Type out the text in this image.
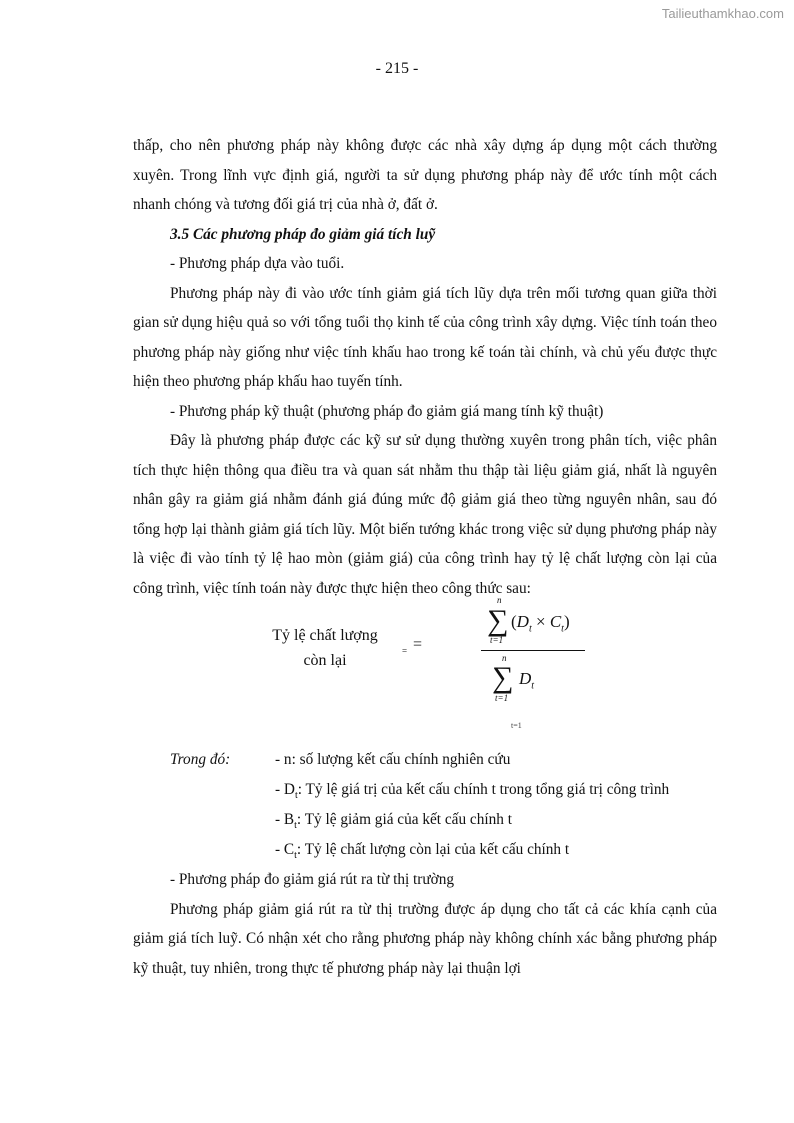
Tailieuthamkhao.com
- 215 -

thấp, cho nên phương pháp này không được các nhà xây dựng áp dụng một cách thường xuyên. Trong lĩnh vực định giá, người ta sử dụng phương pháp này để ước tính một cách nhanh chóng và tương đối giá trị của nhà ở, đất ở.

3.5 Các phương pháp đo giảm giá tích luỹ

- Phương pháp dựa vào tuổi.

Phương pháp này đi vào ước tính giảm giá tích lũy dựa trên mối tương quan giữa thời gian sử dụng hiệu quả so với tổng tuổi thọ kinh tế của công trình xây dựng. Việc tính toán theo phương pháp này giống như việc tính khấu hao trong kế toán tài chính, và chủ yếu được thực hiện theo phương pháp khấu hao tuyến tính.

- Phương pháp kỹ thuật (phương pháp đo giảm giá mang tính kỹ thuật)

Đây là phương pháp được các kỹ sư sử dụng thường xuyên trong phân tích, việc phân tích thực hiện thông qua điều tra và quan sát nhằm thu thập tài liệu giảm giá, nhất là nguyên nhân gây ra giảm giá nhằm đánh giá đúng mức độ giảm giá theo từng nguyên nhân, sau đó tổng hợp lại thành giảm giá tích lũy. Một biến tướng khác trong việc sử dụng phương pháp này là việc đi vào tính tỷ lệ hao mòn (giảm giá) của công trình hay tỷ lệ chất lượng còn lại của công trình, việc tính toán này được thực hiện theo công thức sau:

Tỷ lệ chất lượng
còn lại
= =
n
∑
t=1
$(D_t \times C_t)$
n
∑
t=1
$D_t$
t=1
Trong đó:	- n: số lượng kết cấu chính nghiên cứu
- $D_t$: Tỷ lệ giá trị của kết cấu chính t trong tổng giá trị công trình
- $B_t$: Tỷ lệ giảm giá của kết cấu chính t
- $C_t$: Tỷ lệ chất lượng còn lại của kết cấu chính t

- Phương pháp đo giảm giá rút ra từ thị trường

Phương pháp giảm giá rút ra từ thị trường được áp dụng cho tất cả các khía cạnh của giảm giá tích luỹ. Có nhận xét cho rằng phương pháp này không chính xác bằng phương pháp kỹ thuật, tuy nhiên, trong thực tế phương pháp này lại thuận lợi
